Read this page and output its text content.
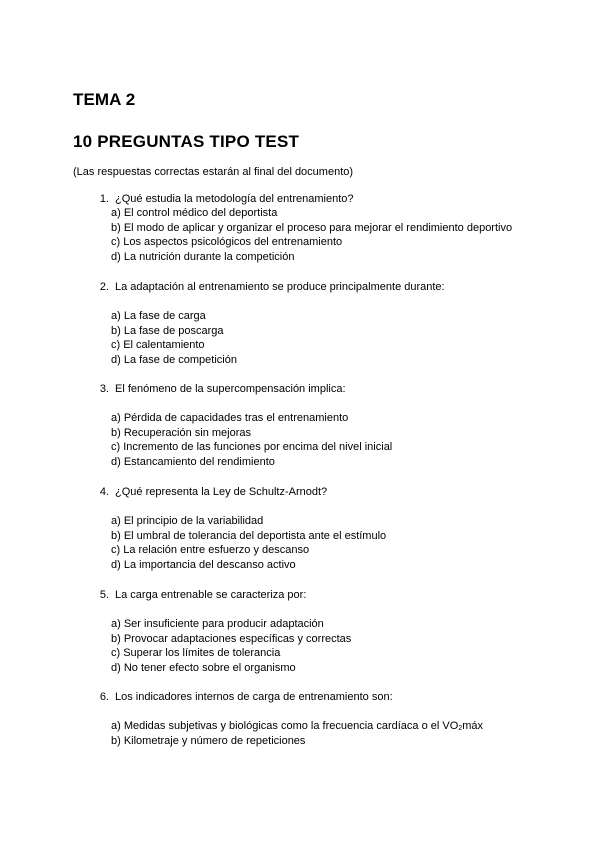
TEMA 2
10 PREGUNTAS TIPO TEST

(Las respuestas correctas estarán al final del documento)

1. ¿Qué estudia la metodología del entrenamiento?
a) El control médico del deportista
b) El modo de aplicar y organizar el proceso para mejorar el rendimiento deportivo
c) Los aspectos psicológicos del entrenamiento
d) La nutrición durante la competición
2. La adaptación al entrenamiento se produce principalmente durante:
a) La fase de carga
b) La fase de poscarga
c) El calentamiento
d) La fase de competición
3. El fenómeno de la supercompensación implica:
a) Pérdida de capacidades tras el entrenamiento
b) Recuperación sin mejoras
c) Incremento de las funciones por encima del nivel inicial
d) Estancamiento del rendimiento
4. ¿Qué representa la Ley de Schultz-Arnodt?
a) El principio de la variabilidad
b) El umbral de tolerancia del deportista ante el estímulo
c) La relación entre esfuerzo y descanso
d) La importancia del descanso activo
5. La carga entrenable se caracteriza por:
a) Ser insuficiente para producir adaptación
b) Provocar adaptaciones específicas y correctas
c) Superar los límites de tolerancia
d) No tener efecto sobre el organismo
6. Los indicadores internos de carga de entrenamiento son:
a) Medidas subjetivas y biológicas como la frecuencia cardíaca o el VO2máx
b) Kilometraje y número de repeticiones
